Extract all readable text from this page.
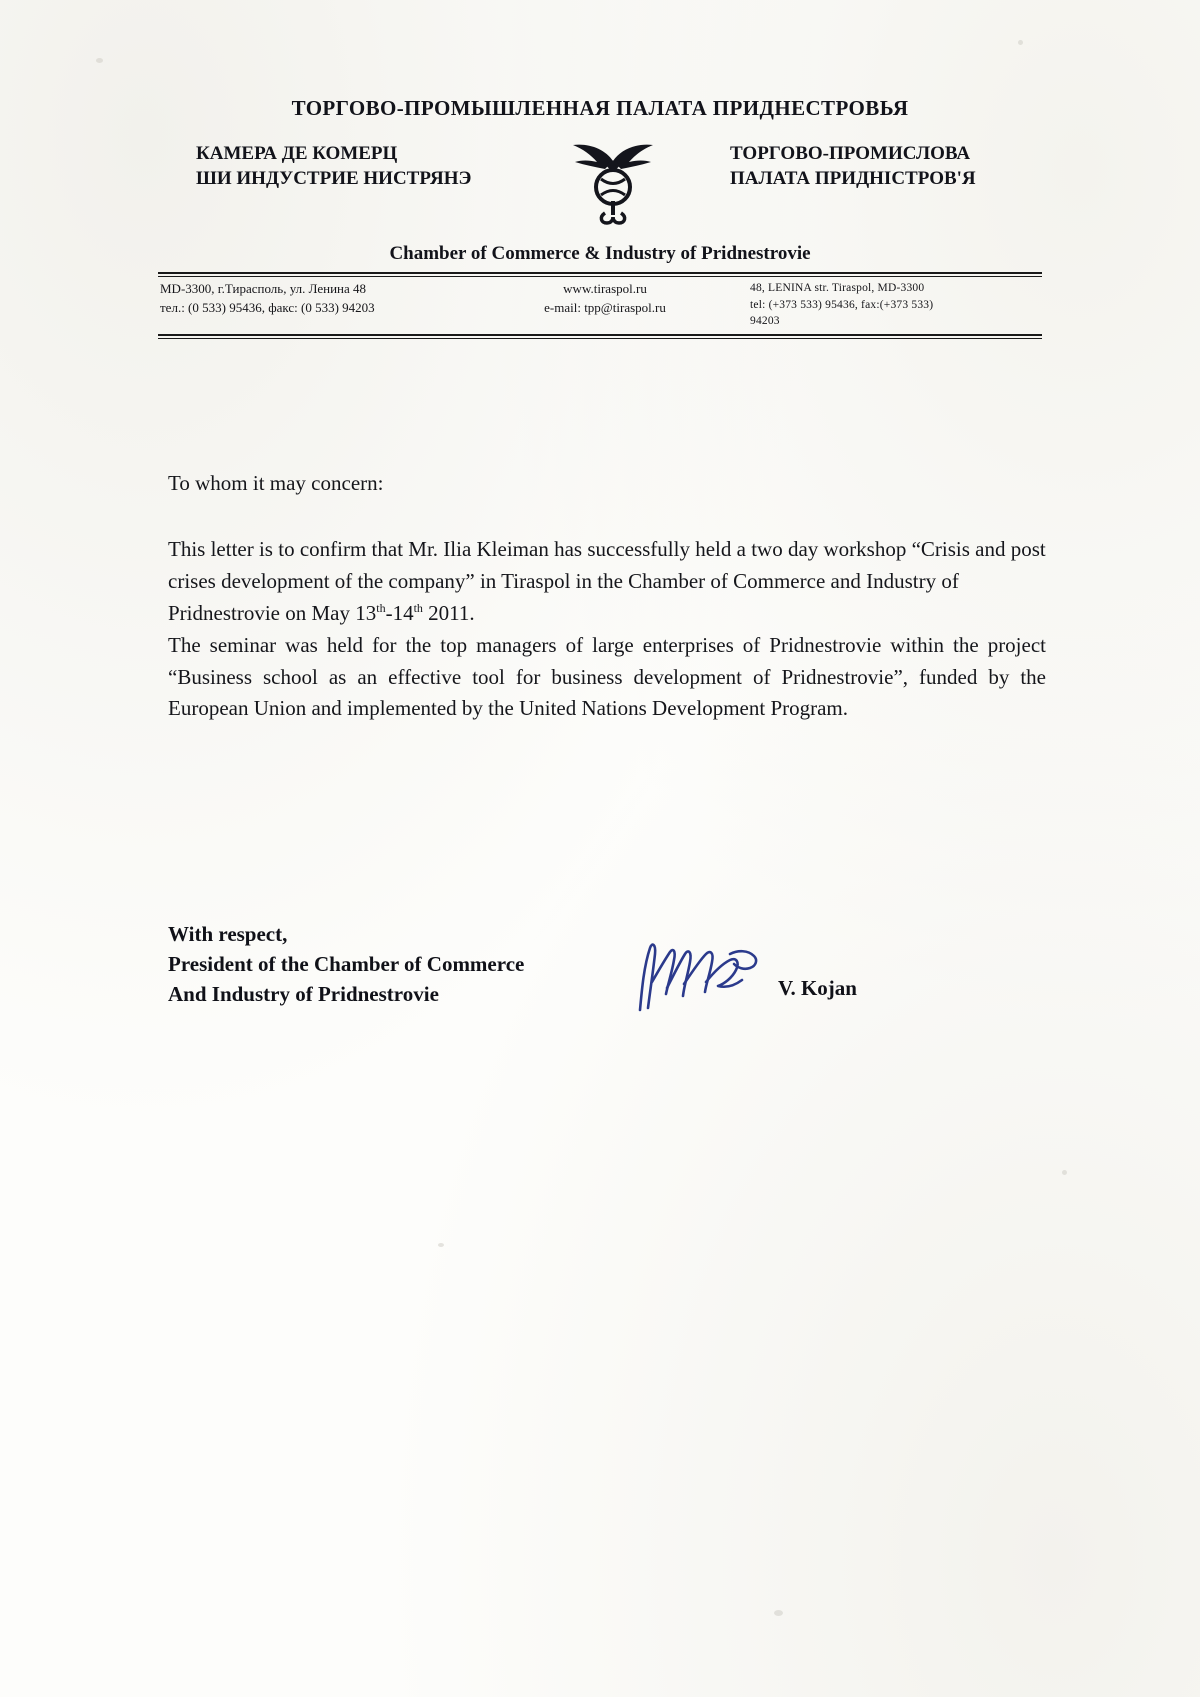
ТОРГОВО-ПРОМЫШЛЕННАЯ ПАЛАТА ПРИДНЕСТРОВЬЯ
КАМЕРА ДЕ КОМЕРЦ
ШИ ИНДУСТРИЕ НИСТРЯНЭ
ТОРГОВО-ПРОМИСЛОВА
ПАЛАТА ПРИДНІСТРОВ'Я
Chamber of Commerce & Industry of Pridnestrovie
MD-3300, г.Тирасполь, ул. Ленина 48
тел.: (0 533) 95436, факс: (0 533) 94203
www.tiraspol.ru
e-mail: tpp@tiraspol.ru
48, LENINA str. Tiraspol, MD-3300
tel: (+373 533) 95436, fax:(+373 533)
94203
To whom it may concern:
This letter is to confirm that Mr. Ilia Kleiman has successfully held a two day workshop “Crisis and post crises development of the company” in Tiraspol in the Chamber of Commerce and Industry of Pridnestrovie on May 13th-14th 2011.
The seminar was held for the top managers of large enterprises of Pridnestrovie within the project “Business school as an effective tool for business development of Pridnestrovie”, funded by the European Union and implemented by the United Nations Development Program.
With respect,
President of the Chamber of Commerce
And Industry of Pridnestrovie	V. Kojan
